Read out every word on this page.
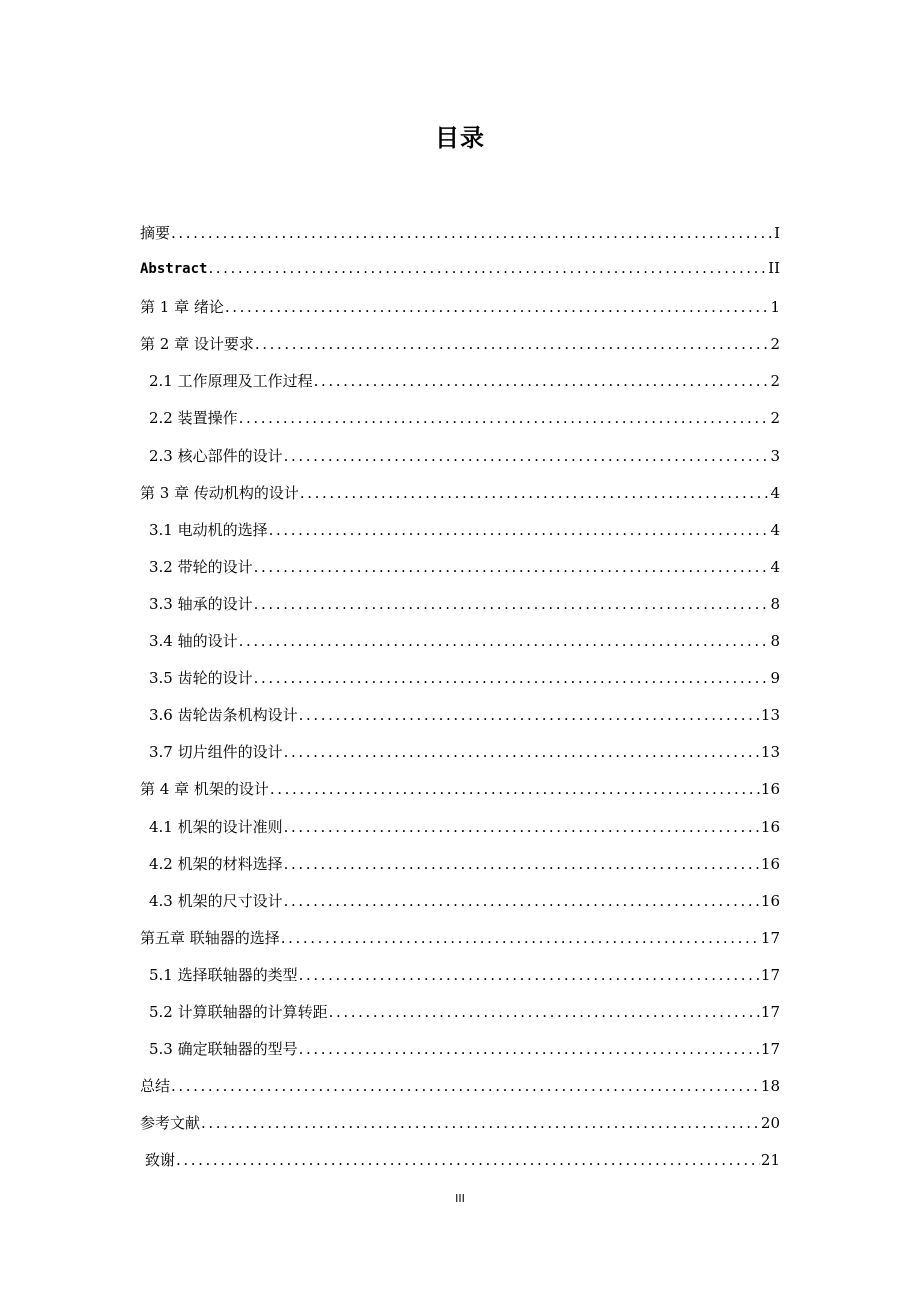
目录
摘要 .....	I
Abstract .....	II
第 1 章 绪论 .....	1
第 2 章 设计要求 .....	2
2.1 工作原理及工作过程 .....	2
2.2 装置操作 .....	2
2.3 核心部件的设计 .....	3
第 3 章 传动机构的设计 .....	4
3.1 电动机的选择 .....	4
3.2 带轮的设计 .....	4
3.3 轴承的设计 .....	8
3.4 轴的设计 .....	8
3.5 齿轮的设计 .....	9
3.6 齿轮齿条机构设计 .....	13
3.7 切片组件的设计 .....	13
第 4 章 机架的设计 .....	16
4.1 机架的设计准则 .....	16
4.2 机架的材料选择 .....	16
4.3 机架的尺寸设计 .....	16
第五章 联轴器的选择 .....	17
5.1 选择联轴器的类型 .....	17
5.2 计算联轴器的计算转距 .....	17
5.3 确定联轴器的型号 .....	17
总结 .....	18
参考文献 .....	20
致谢 .....	21
III
